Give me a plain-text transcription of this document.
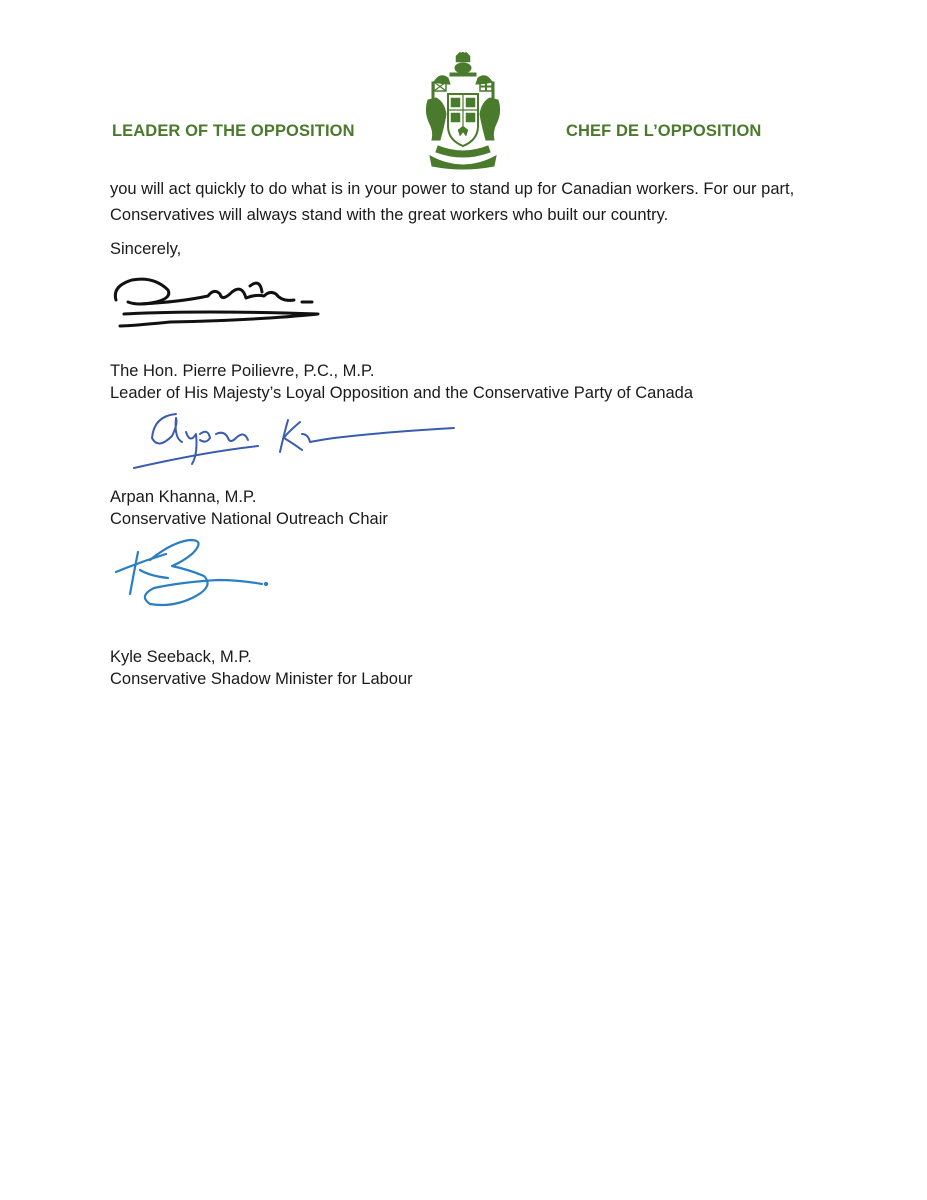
LEADER OF THE OPPOSITION	CHEF DE L’OPPOSITION

you will act quickly to do what is in your power to stand up for Canadian workers. For our part, Conservatives will always stand with the great workers who built our country.

Sincerely,
The Hon. Pierre Poilievre, P.C., M.P.
Leader of His Majesty’s Loyal Opposition and the Conservative Party of Canada
Arpan Khanna, M.P.
Conservative National Outreach Chair
Kyle Seeback, M.P.
Conservative Shadow Minister for Labour
